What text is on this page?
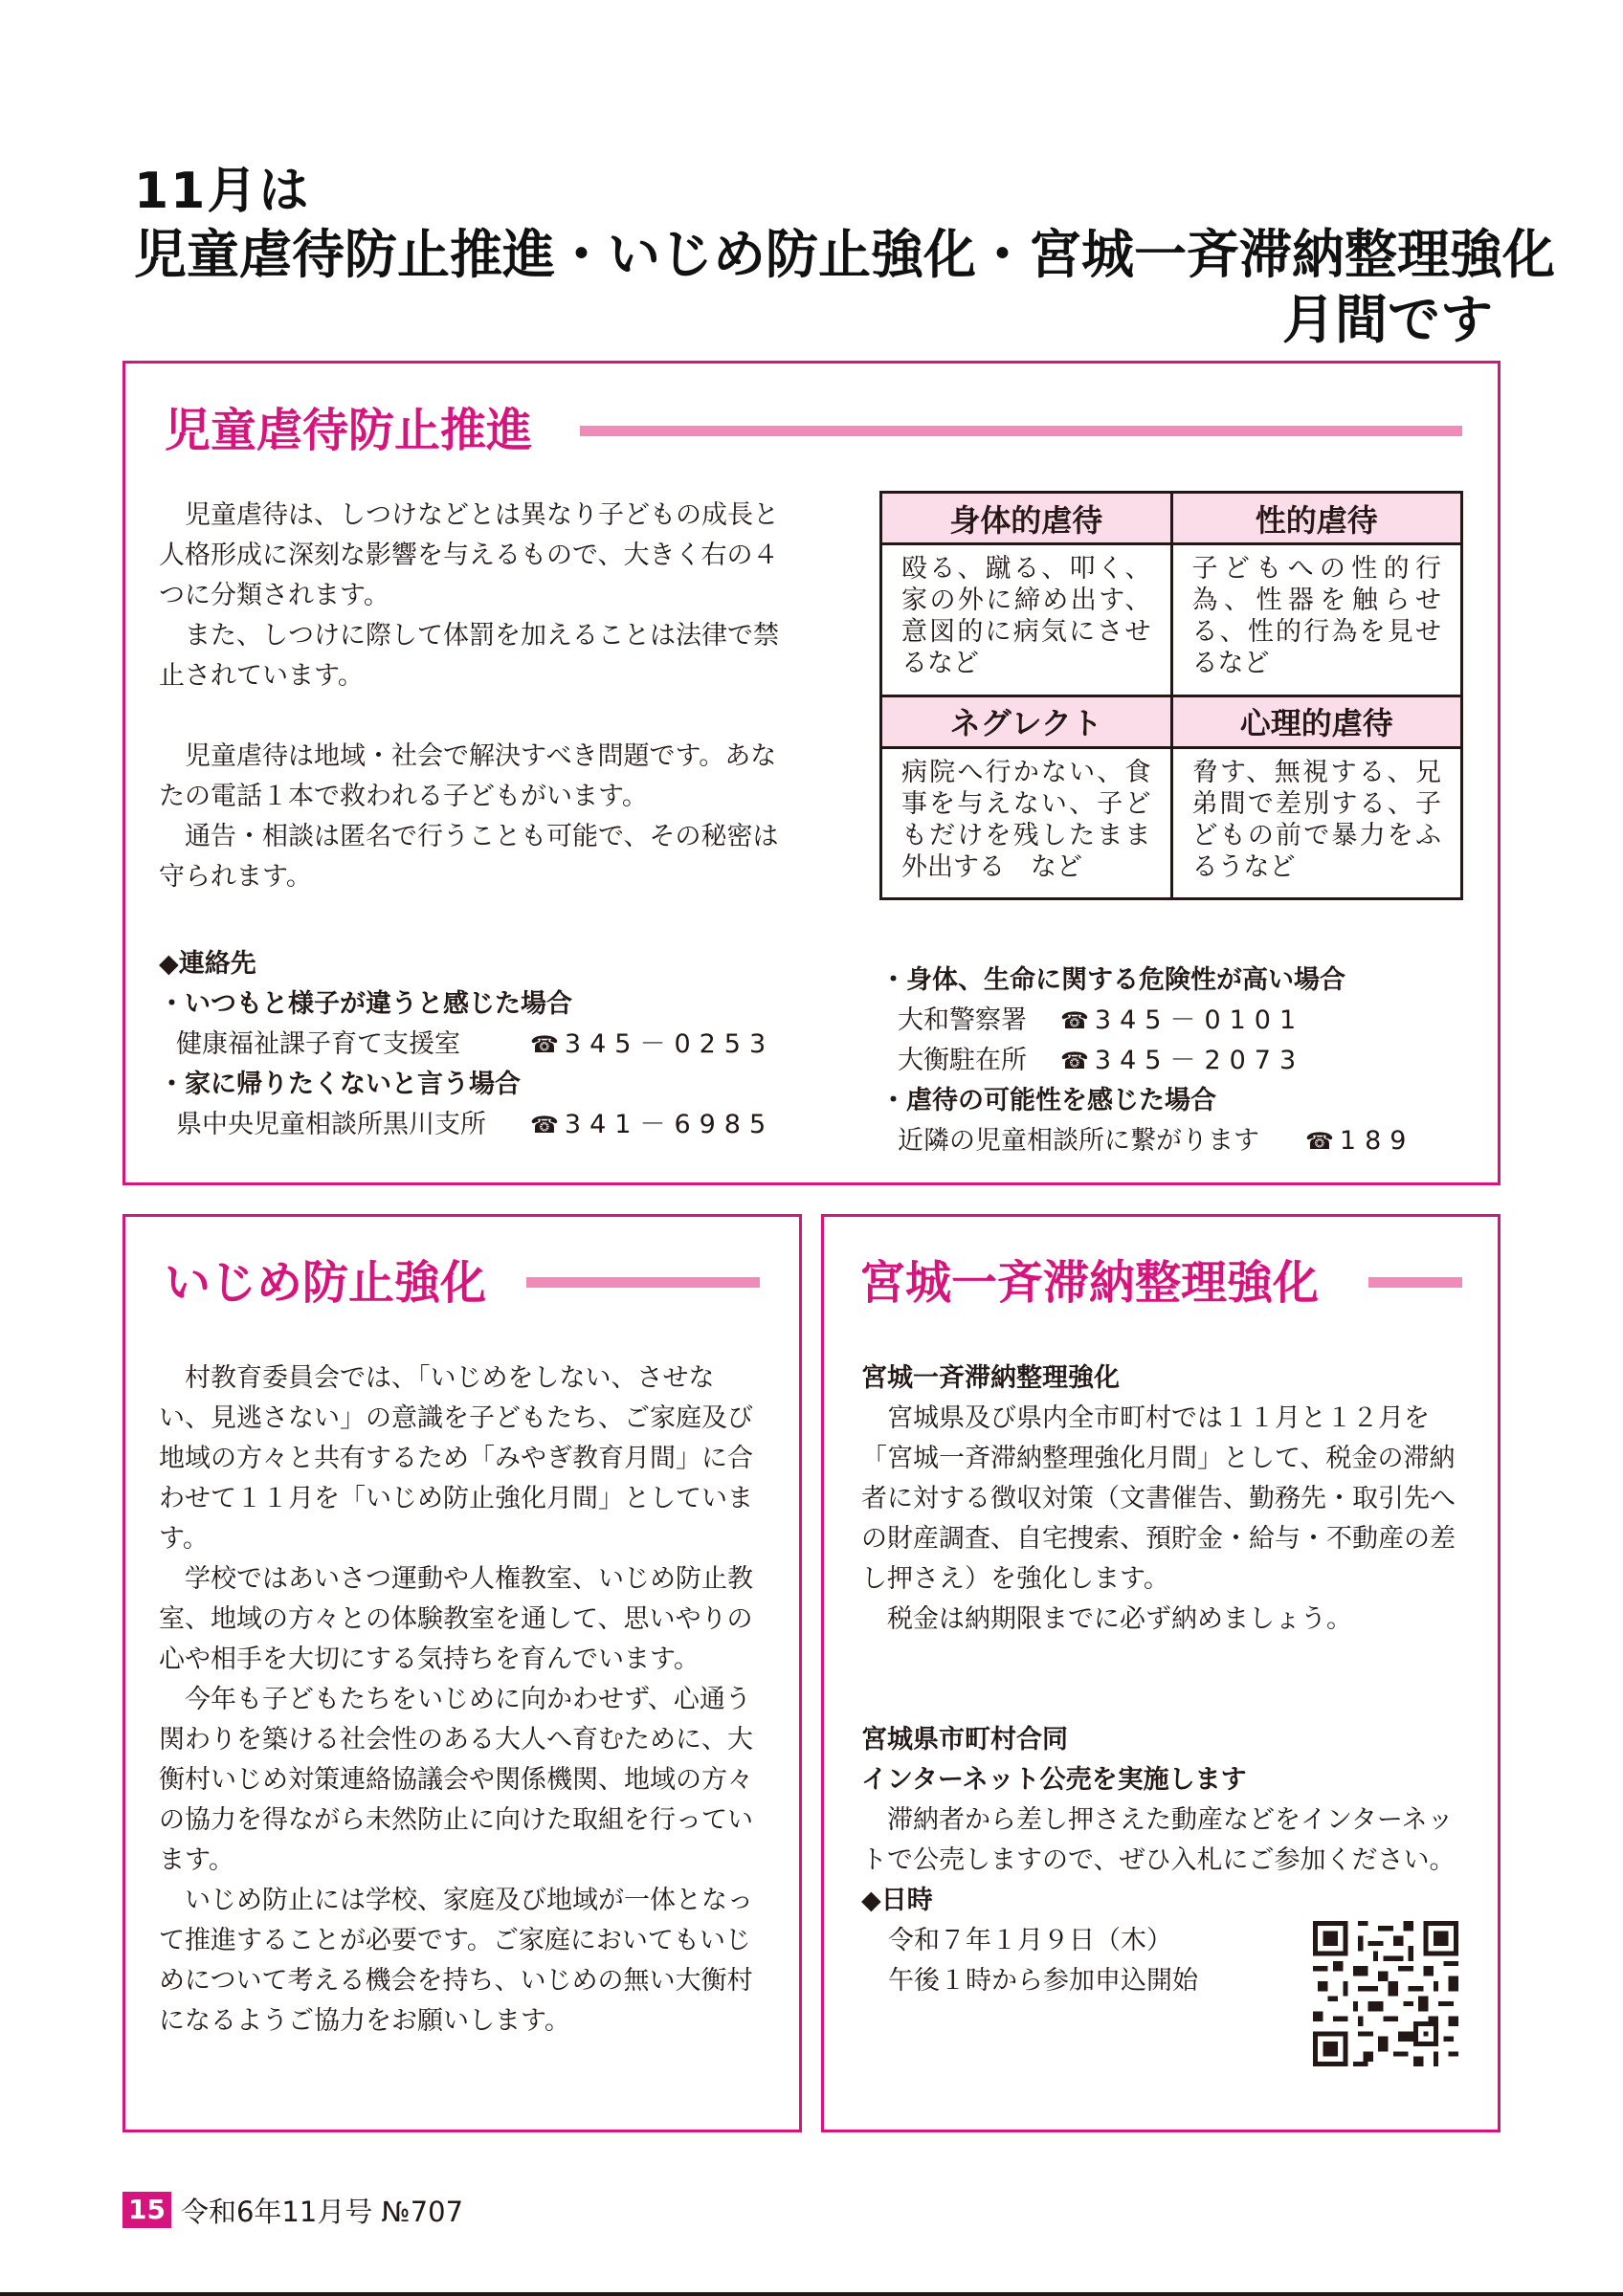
11月は
児童虐待防止推進・いじめ防止強化・宮城一斉滞納整理強化
月間です
児童虐待防止推進

児童虐待は、しつけなどとは異なり子どもの成長と人格形成に深刻な影響を与えるもので、大きく右の４つに分類されます。

また、しつけに際して体罰を加えることは法律で禁止されています。

児童虐待は地域・社会で解決すべき問題です。あなたの電話１本で救われる子どもがいます。

通告・相談は匿名で行うことも可能で、その秘密は守られます。

身体的虐待	性的虐待
殴る、蹴る、叩く、家の外に締め出す、意図的に病気にさせるなど	子どもへの性的行為、性器を触らせる、性的行為を見せるなど
ネグレクト	心理的虐待
病院へ行かない、食事を与えない、子どもだけを残したまま外出する　など	脅す、無視する、兄弟間で差別する、子どもの前で暴力をふるうなど
◆連絡先
・いつもと様子が違うと感じた場合
健康福祉課子育て支援室	☎ 345－0253
・家に帰りたくないと言う場合
県中央児童相談所黒川支所	☎ 341－6985
・身体、生命に関する危険性が高い場合
大和警察署	☎ 345－0101
大衡駐在所	☎ 345－2073
・虐待の可能性を感じた場合
近隣の児童相談所に繋がります	☎ 189
いじめ防止強化

村教育委員会では、「いじめをしない、させない、見逃さない」の意識を子どもたち、ご家庭及び地域の方々と共有するため「みやぎ教育月間」に合わせて１１月を「いじめ防止強化月間」としています。

学校ではあいさつ運動や人権教室、いじめ防止教室、地域の方々との体験教室を通して、思いやりの心や相手を大切にする気持ちを育んでいます。

今年も子どもたちをいじめに向かわせず、心通う関わりを築ける社会性のある大人へ育むために、大衡村いじめ対策連絡協議会や関係機関、地域の方々の協力を得ながら未然防止に向けた取組を行っています。

いじめ防止には学校、家庭及び地域が一体となって推進することが必要です。ご家庭においてもいじめについて考える機会を持ち、いじめの無い大衡村になるようご協力をお願いします。

宮城一斉滞納整理強化
宮城一斉滞納整理強化

宮城県及び県内全市町村では１１月と１２月を「宮城一斉滞納整理強化月間」として、税金の滞納者に対する徴収対策（文書催告、勤務先・取引先への財産調査、自宅捜索、預貯金・給与・不動産の差し押さえ）を強化します。

税金は納期限までに必ず納めましょう。

宮城県市町村合同
インターネット公売を実施します

滞納者から差し押さえた動産などをインターネットで公売しますので、ぜひ入札にご参加ください。

◆日時
令和７年１月９日（木）
午後１時から参加申込開始
15 令和6年11月号 №707
